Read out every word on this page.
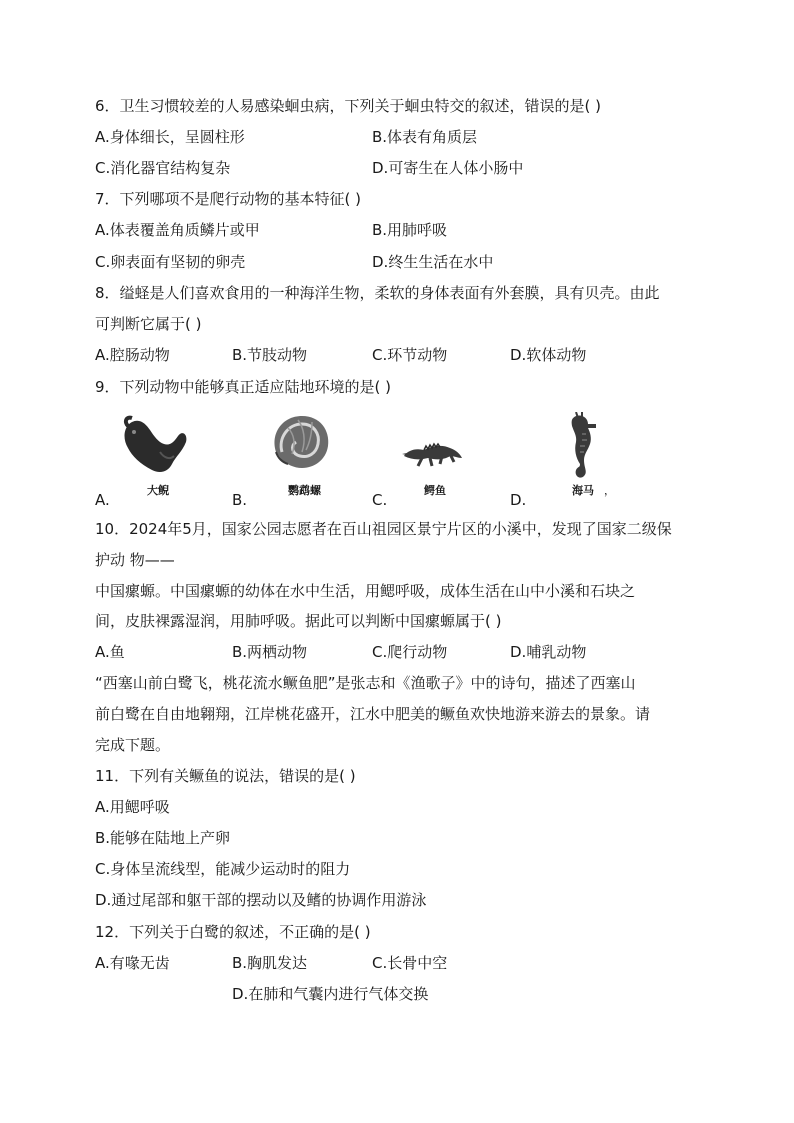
6．卫生习惯较差的人易感染蛔虫病，下列关于蛔虫特交的叙述，错误的是( )
A.身体细长，呈圆柱形	B.体表有角质层
C.消化器官结构复杂	D.可寄生在人体小肠中
7．下列哪项不是爬行动物的基本特征( )
A.体表覆盖角质鳞片或甲	B.用肺呼吸
C.卵表面有坚韧的卵壳	D.终生生活在水中
8．缢蛏是人们喜欢食用的一种海洋生物，柔软的身体表面有外套膜，具有贝壳。由此
可判断它属于( )
A.腔肠动物	B.节肢动物	C.环节动物	D.软体动物
9．下列动物中能够真正适应陆地环境的是( )
A.
大鲵
B.
鹦鹉螺
C.
鳄鱼
D.
海马 ，
10．2024年5月，国家公园志愿者在百山祖园区景宁片区的小溪中，发现了国家二级保
护动 物——
中国瘰螈。中国瘰螈的幼体在水中生活，用鳃呼吸，成体生活在山中小溪和石块之
间，皮肤裸露湿润，用肺呼吸。据此可以判断中国瘰螈属于( )
A.鱼	B.两栖动物	C.爬行动物	D.哺乳动物
“西塞山前白鹭飞，桃花流水鳜鱼肥”是张志和《渔歌子》中的诗句，描述了西塞山
前白鹭在自由地翱翔，江岸桃花盛开，江水中肥美的鳜鱼欢快地游来游去的景象。请
完成下题。
11．下列有关鳜鱼的说法，错误的是( )
A.用鳃呼吸
B.能够在陆地上产卵
C.身体呈流线型，能减少运动时的阻力
D.通过尾部和躯干部的摆动以及鳍的协调作用游泳
12．下列关于白鹭的叙述，不正确的是( )
A.有喙无齿	B.胸肌发达	C.长骨中空
D.在肺和气囊内进行气体交换
